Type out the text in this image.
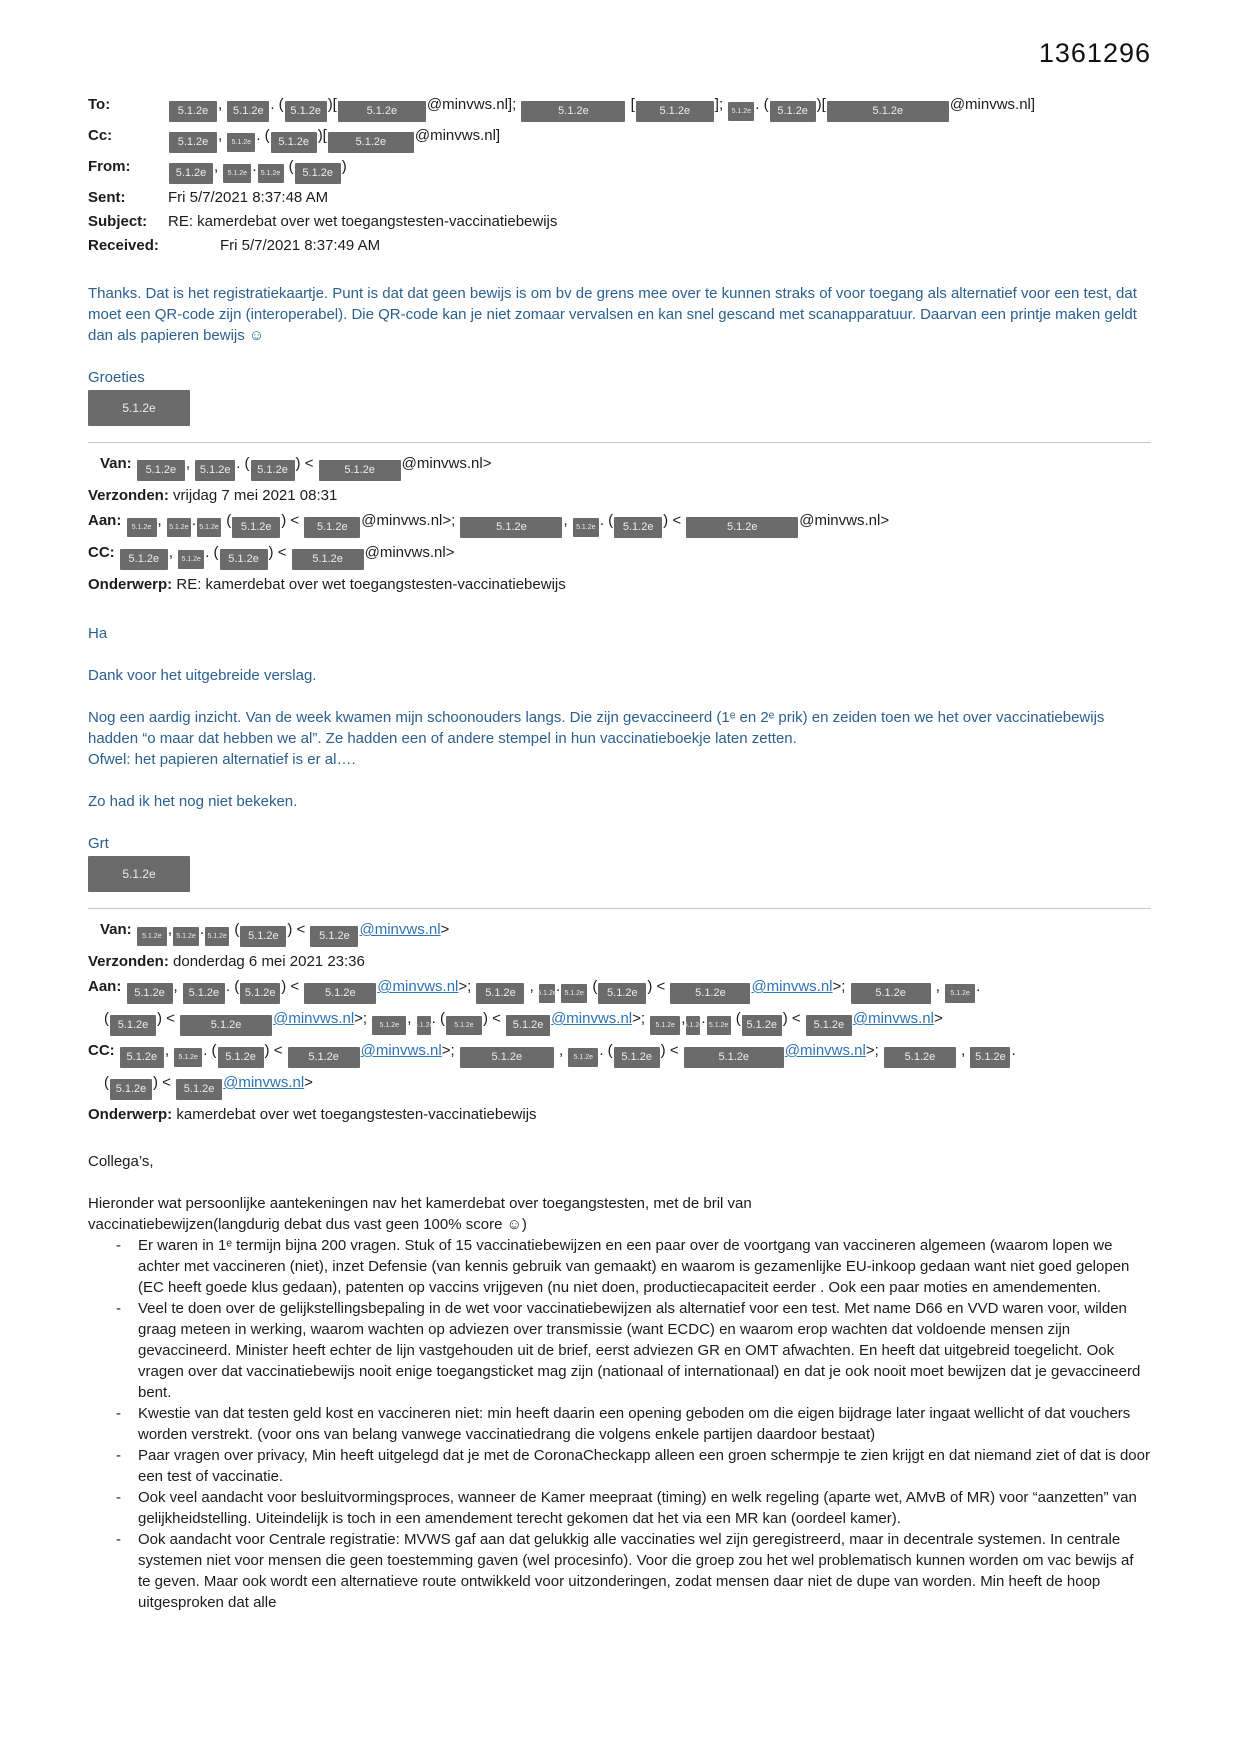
1361296
To:	5.1.2e , 5.1.2e . ( 5.1.2e )[	5.1.2e @minvws.nl];	5.1.2e	[ 5.1.2e ]; 5.1.2e . ( 5.1.2e )[	5.1.2e	@minvws.nl]
Cc:	5.1.2e , 5.1.2e . ( 5.1.2e )[	5.1.2e @minvws.nl]
From:	5.1.2e , 5.1.2e . 5.1.2e ( 5.1.2e )
Sent:	Fri 5/7/2021 8:37:48 AM
Subject:	RE: kamerdebat over wet toegangstesten-vaccinatiebewijs
Received:	Fri 5/7/2021 8:37:49 AM

Thanks. Dat is het registratiekaartje. Punt is dat dat geen bewijs is om bv de grens mee over te kunnen straks of voor toegang als alternatief voor een test, dat moet een QR-code zijn (interoperabel). Die QR-code kan je niet zomaar vervalsen en kan snel gescand met scanapparatuur. Daarvan een printje maken geldt dan als papieren bewijs ☺

Groeties
5.1.2e
Van: 5.1.2e , 5.1.2e . ( 5.1.2e ) < 5.1.2e @minvws.nl>
Verzonden: vrijdag 7 mei 2021 08:31
Aan: 5.1.2e , 5.1.2e . 5.1.2e ( 5.1.2e ) < 5.1.2e @minvws.nl>;	5.1.2e , 5.1.2e . ( 5.1.2e ) <	5.1.2e	@minvws.nl>
CC: 5.1.2e , 5.1.2e . ( 5.1.2e ) < 5.1.2e @minvws.nl>
Onderwerp: RE: kamerdebat over wet toegangstesten-vaccinatiebewijs

Ha

Dank voor het uitgebreide verslag.

Nog een aardig inzicht. Van de week kwamen mijn schoonouders langs. Die zijn gevaccineerd (1ᵉ en 2ᵉ prik) en zeiden toen we het over vaccinatiebewijs hadden “o maar dat hebben we al”. Ze hadden een of andere stempel in hun vaccinatieboekje laten zetten.

Ofwel: het papieren alternatief is er al….

Zo had ik het nog niet bekeken.

Grt
5.1.2e
Van: 5.1.2e , 5.1.2e . 5.1.2e ( 5.1.2e ) < 5.1.2e @minvws.nl>
Verzonden: donderdag 6 mei 2021 23:36
Aan: 5.1.2e , 5.1.2e . ( 5.1.2e ) < 5.1.2e @minvws.nl>; 5.1.2e , 5.1.2e. 5.1.2e ( 5.1.2e ) < 5.1.2e @minvws.nl>; 5.1.2e , 5.1.2e .
( 5.1.2e ) <	5.1.2e @minvws.nl>; 5.1.2e , 5.1.2e. ( 5.1.2e ) < 5.1.2e @minvws.nl>; 5.1.2e ,5.1.2e. 5.1.2e ( 5.1.2e ) < 5.1.2e @minvws.nl>
CC: 5.1.2e , 5.1.2e . ( 5.1.2e ) < 5.1.2e @minvws.nl>;	5.1.2e , 5.1.2e . ( 5.1.2e ) <	5.1.2e @minvws.nl>; 5.1.2e , 5.1.2e .
( 5.1.2e ) < 5.1.2e @minvws.nl>
Onderwerp: kamerdebat over wet toegangstesten-vaccinatiebewijs

Collega’s,

Hieronder wat persoonlijke aantekeningen nav het kamerdebat over toegangstesten, met de bril van vaccinatiebewijzen(langdurig debat dus vast geen 100% score ☺)

-	Er waren in 1ᵉ termijn bijna 200 vragen. Stuk of 15 vaccinatiebewijzen en een paar over de voortgang van vaccineren algemeen (waarom lopen we achter met vaccineren (niet), inzet Defensie (van kennis gebruik van gemaakt) en waarom is gezamenlijke EU-inkoop gedaan want niet goed gelopen (EC heeft goede klus gedaan), patenten op vaccins vrijgeven (nu niet doen, productiecapaciteit eerder . Ook een paar moties en amendementen.
-	Veel te doen over de gelijkstellingsbepaling in de wet voor vaccinatiebewijzen als alternatief voor een test. Met name D66 en VVD waren voor, wilden graag meteen in werking, waarom wachten op adviezen over transmissie (want ECDC) en waarom erop wachten dat voldoende mensen zijn gevaccineerd. Minister heeft echter de lijn vastgehouden uit de brief, eerst adviezen GR en OMT afwachten. En heeft dat uitgebreid toegelicht. Ook vragen over dat vaccinatiebewijs nooit enige toegangsticket mag zijn (nationaal of internationaal) en dat je ook nooit moet bewijzen dat je gevaccineerd bent.
-	Kwestie van dat testen geld kost en vaccineren niet: min heeft daarin een opening geboden om die eigen bijdrage later ingaat wellicht of dat vouchers worden verstrekt. (voor ons van belang vanwege vaccinatiedrang die volgens enkele partijen daardoor bestaat)
-	Paar vragen over privacy, Min heeft uitgelegd dat je met de CoronaCheckapp alleen een groen schermpje te zien krijgt en dat niemand ziet of dat is door een test of vaccinatie.
-	Ook veel aandacht voor besluitvormingsproces, wanneer de Kamer meepraat (timing) en welk regeling (aparte wet, AMvB of MR) voor “aanzetten” van gelijkheidstelling. Uiteindelijk is toch in een amendement terecht gekomen dat het via een MR kan (oordeel kamer).
-	Ook aandacht voor Centrale registratie: MVWS gaf aan dat gelukkig alle vaccinaties wel zijn geregistreerd, maar in decentrale systemen. In centrale systemen niet voor mensen die geen toestemming gaven (wel procesinfo). Voor die groep zou het wel problematisch kunnen worden om vac bewijs af te geven. Maar ook wordt een alternatieve route ontwikkeld voor uitzonderingen, zodat mensen daar niet de dupe van worden. Min heeft de hoop uitgesproken dat alle
